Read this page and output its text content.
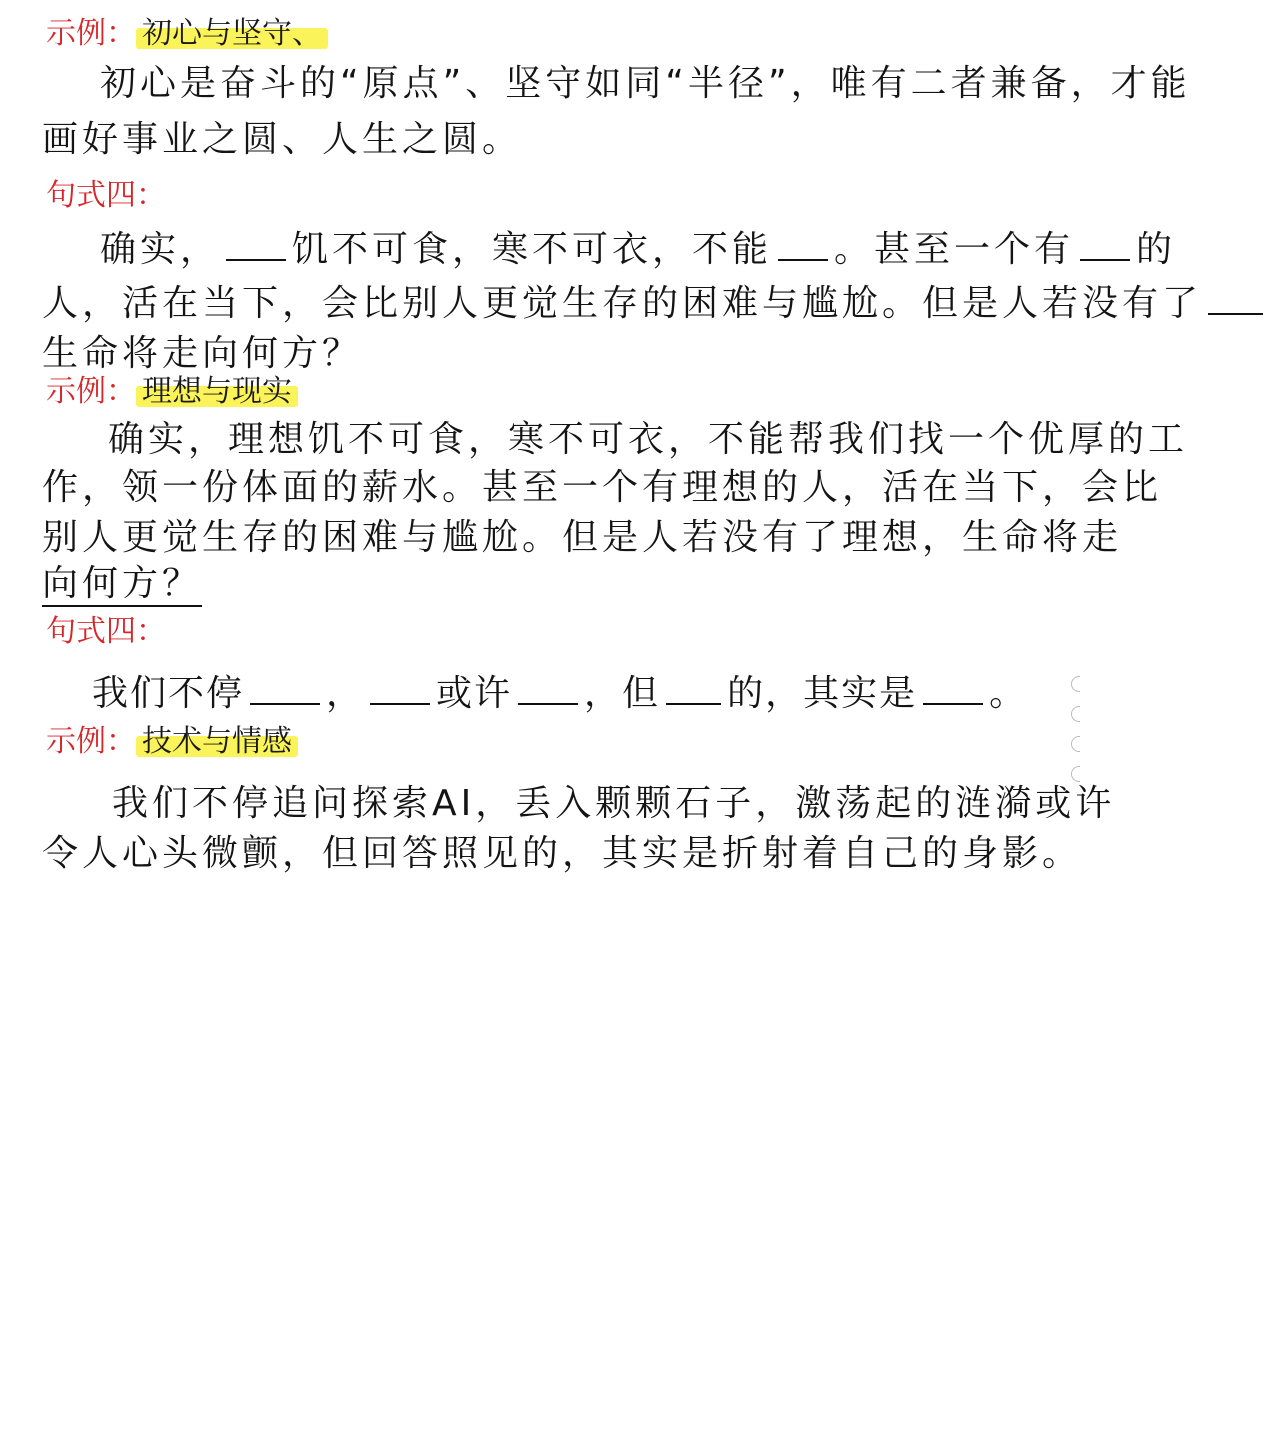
示例： 初心与坚守、
初心是奋斗的“原点”、坚守如同“半径”，唯有二者兼备，才能
画好事业之圆、人生之圆。
句式四：
确实， 饥不可食，寒不可衣，不能 。甚至一个有 的
人，活在当下，会比别人更觉生存的困难与尴尬。但是人若没有了
生命将走向何方？
示例： 理想与现实
确实，理想饥不可食，寒不可衣，不能帮我们找一个优厚的工
作，领一份体面的薪水。甚至一个有理想的人，活在当下，会比
别人更觉生存的困难与尴尬。但是人若没有了理想，生命将走
向何方？
句式四：
我们不停 ， 或许 ，但 的，其实是 。
示例： 技术与情感
我们不停追问探索AI，丢入颗颗石子，激荡起的涟漪或许
令人心头微颤，但回答照见的，其实是折射着自己的身影。
